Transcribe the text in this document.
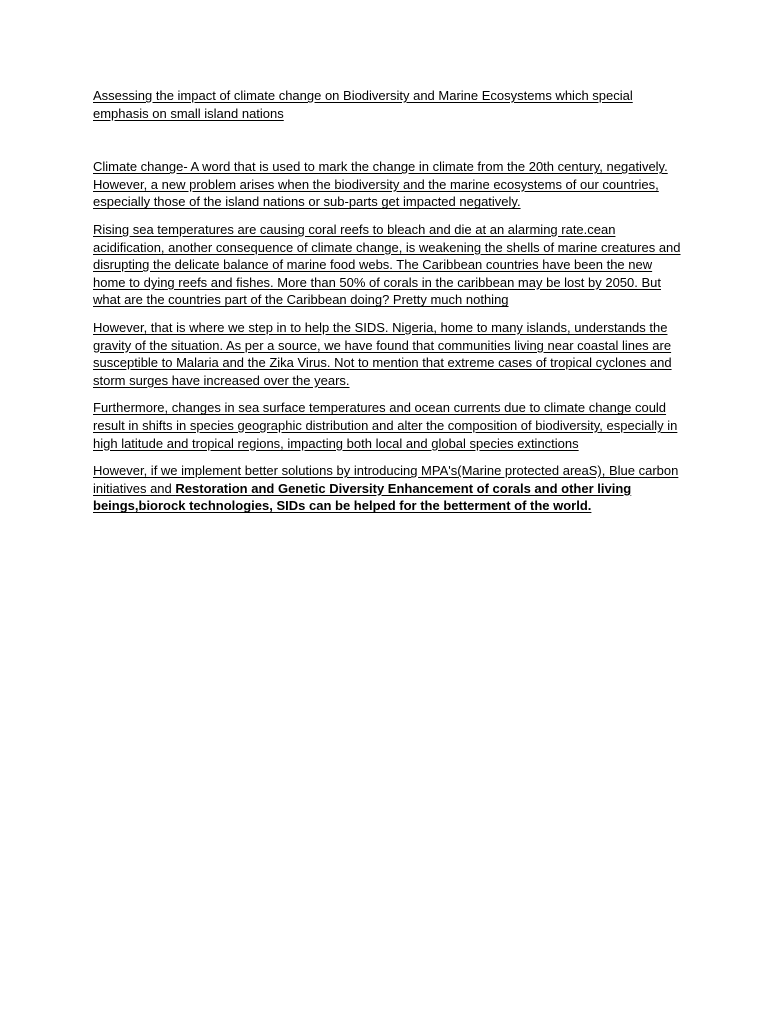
Assessing the impact of climate change on Biodiversity and Marine Ecosystems which special emphasis on small island nations

Climate change- A word that is used to mark the change in climate from the 20th century, negatively. However, a new problem arises when the biodiversity and the marine ecosystems of our countries, especially those of the island nations or sub-parts get impacted negatively.

Rising sea temperatures are causing coral reefs to bleach and die at an alarming rate.cean acidification, another consequence of climate change, is weakening the shells of marine creatures and disrupting the delicate balance of marine food webs. The Caribbean countries have been the new home to dying reefs and fishes. More than 50% of corals in the caribbean may be lost by 2050. But what are the countries part of the Caribbean doing? Pretty much nothing

However, that is where we step in to help the SIDS. Nigeria, home to many islands, understands the gravity of the situation. As per a source, we have found that communities living near coastal lines are susceptible to Malaria and the Zika Virus. Not to mention that extreme cases of tropical cyclones and storm surges have increased over the years.

Furthermore, changes in sea surface temperatures and ocean currents due to climate change could result in shifts in species geographic distribution and alter the composition of biodiversity, especially in high latitude and tropical regions, impacting both local and global species extinctions

However, if we implement better solutions by introducing MPA's(Marine protected areaS), Blue carbon initiatives and Restoration and Genetic Diversity Enhancement of corals and other living beings,biorock technologies, SIDs can be helped for the betterment of the world.
